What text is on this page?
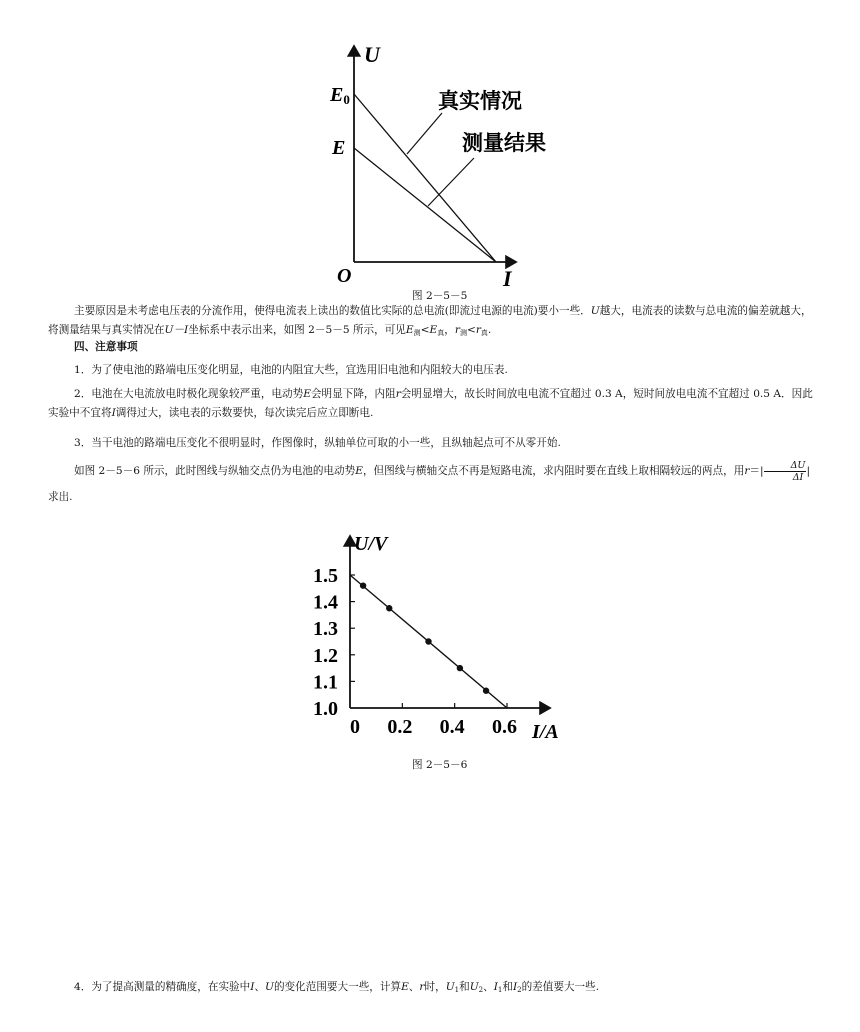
U
I
O
E0
E
真实情况
测量结果
图 2－5－5
主要原因是未考虑电压表的分流作用，使得电流表上读出的数值比实际的总电流(即流过电源的电流)要小一些．U越大，电流表的读数与总电流的偏差就越大，将测量结果与真实情况在U－I坐标系中表示出来，如图 2－5－5 所示，可见$E_测<E_真$，$r_测<r_真$.
四、注意事项
1．为了使电池的路端电压变化明显，电池的内阻宜大些，宜选用旧电池和内阻较大的电压表.
2．电池在大电流放电时极化现象较严重，电动势E会明显下降，内阻r会明显增大，故长时间放电电流不宜超过 0.3 A，短时间放电电流不宜超过 0.5 A．因此实验中不宜将I调得过大，读电表的示数要快，每次读完后应立即断电.
3．当干电池的路端电压变化不很明显时，作图像时，纵轴单位可取的小一些，且纵轴起点可不从零开始.
如图 2－5－6 所示，此时图线与纵轴交点仍为电池的电动势E，但图线与横轴交点不再是短路电流，求内阻时要在直线上取相隔较远的两点，用$r=| \frac{\Delta U}{\Delta I}$ |求出.
U/V
I/A
1.0
1.1
1.2
1.3
1.4
1.5
0 0.2 0.4 0.6
图 2－5－6
4．为了提高测量的精确度，在实验中I、U的变化范围要大一些，计算E、r时，$U_1$和$U_2$、$I_1$和$I_2$的差值要大一些.
